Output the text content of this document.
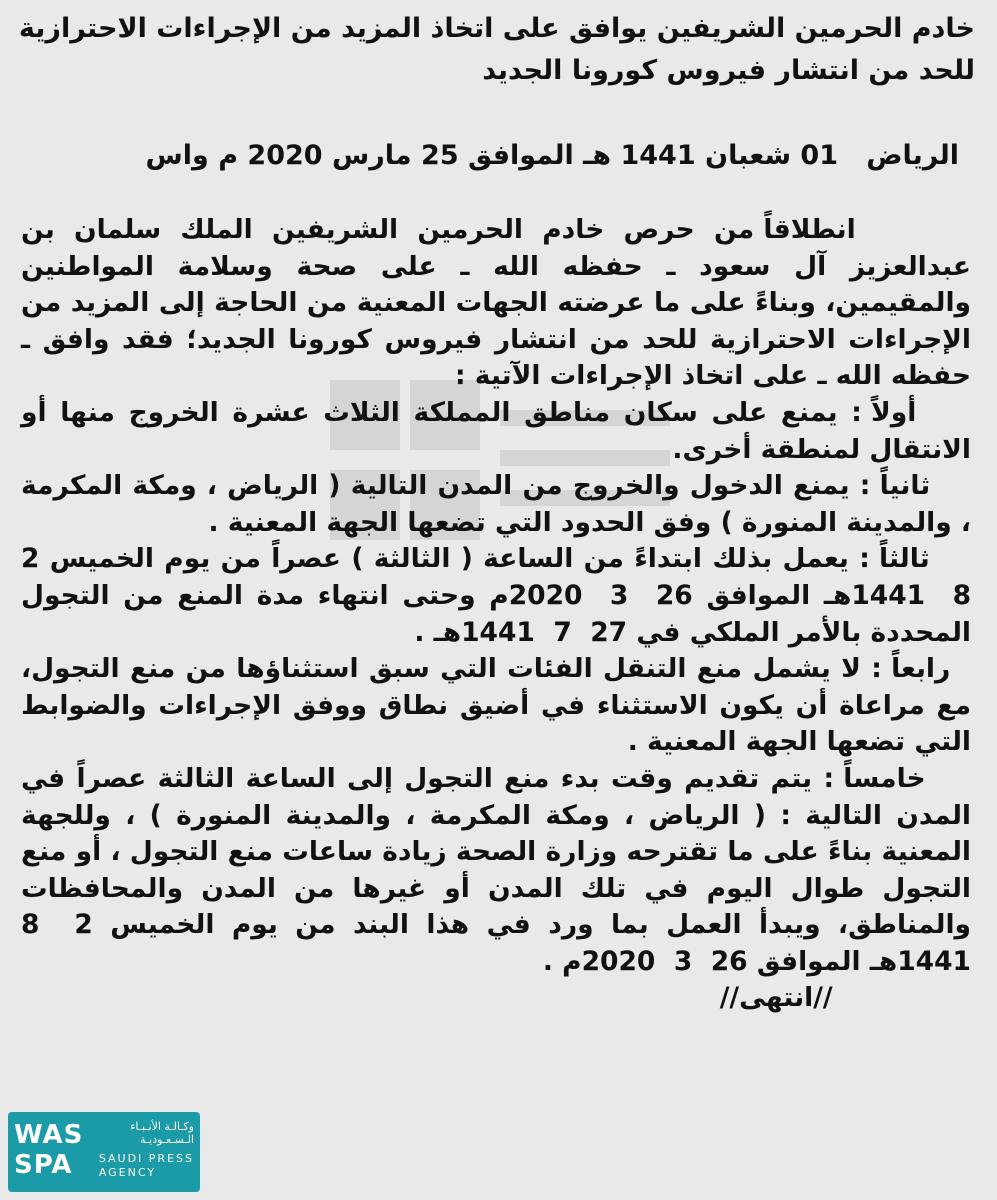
خادم الحرمين الشريفين يوافق على اتخاذ المزيد من الإجراءات الاحترازية للحد من انتشار فيروس كورونا الجديد
الرياض   01 شعبان 1441 هـ الموافق 25 مارس 2020 م واس

انطلاقاً من حرص خادم الحرمين الشريفين الملك سلمان بن عبدالعزيز آل سعود ـ حفظه الله ـ على صحة وسلامة المواطنين والمقيمين، وبناءً على ما عرضته الجهات المعنية من الحاجة إلى المزيد من الإجراءات الاحترازية للحد من انتشار فيروس كورونا الجديد؛ فقد وافق ـ حفظه الله ـ على اتخاذ الإجراءات الآتية :

أولاً : يمنع على سكان مناطق المملكة الثلاث عشرة الخروج منها أو الانتقال لمنطقة أخرى.

ثانياً : يمنع الدخول والخروج من المدن التالية ( الرياض ، ومكة المكرمة ، والمدينة المنورة ) وفق الحدود التي تضعها الجهة المعنية .

ثالثاً : يعمل بذلك ابتداءً من الساعة ( الثالثة ) عصراً من يوم الخميس 2  8  1441هـ الموافق 26  3  2020م وحتى انتهاء مدة المنع من التجول المحددة بالأمر الملكي في 27  7  1441هـ .

رابعاً : لا يشمل منع التنقل الفئات التي سبق استثناؤها من منع التجول، مع مراعاة أن يكون الاستثناء في أضيق نطاق ووفق الإجراءات والضوابط التي تضعها الجهة المعنية .

خامساً : يتم تقديم وقت بدء منع التجول إلى الساعة الثالثة عصراً في المدن التالية : ( الرياض ، ومكة المكرمة ، والمدينة المنورة ) ، وللجهة المعنية بناءً على ما تقترحه وزارة الصحة زيادة ساعات منع التجول ، أو منع التجول طوال اليوم في تلك المدن أو غيرها من المدن والمحافظات والمناطق، ويبدأ العمل بما ورد في هذا البند من يوم الخميس 2  8  1441هـ الموافق 26  3  2020م .

//انتهى//

WAS
SPA
وكـالـة الأنـبـاء
الـسـعـوديـة
SAUDI PRESS
AGENCY
